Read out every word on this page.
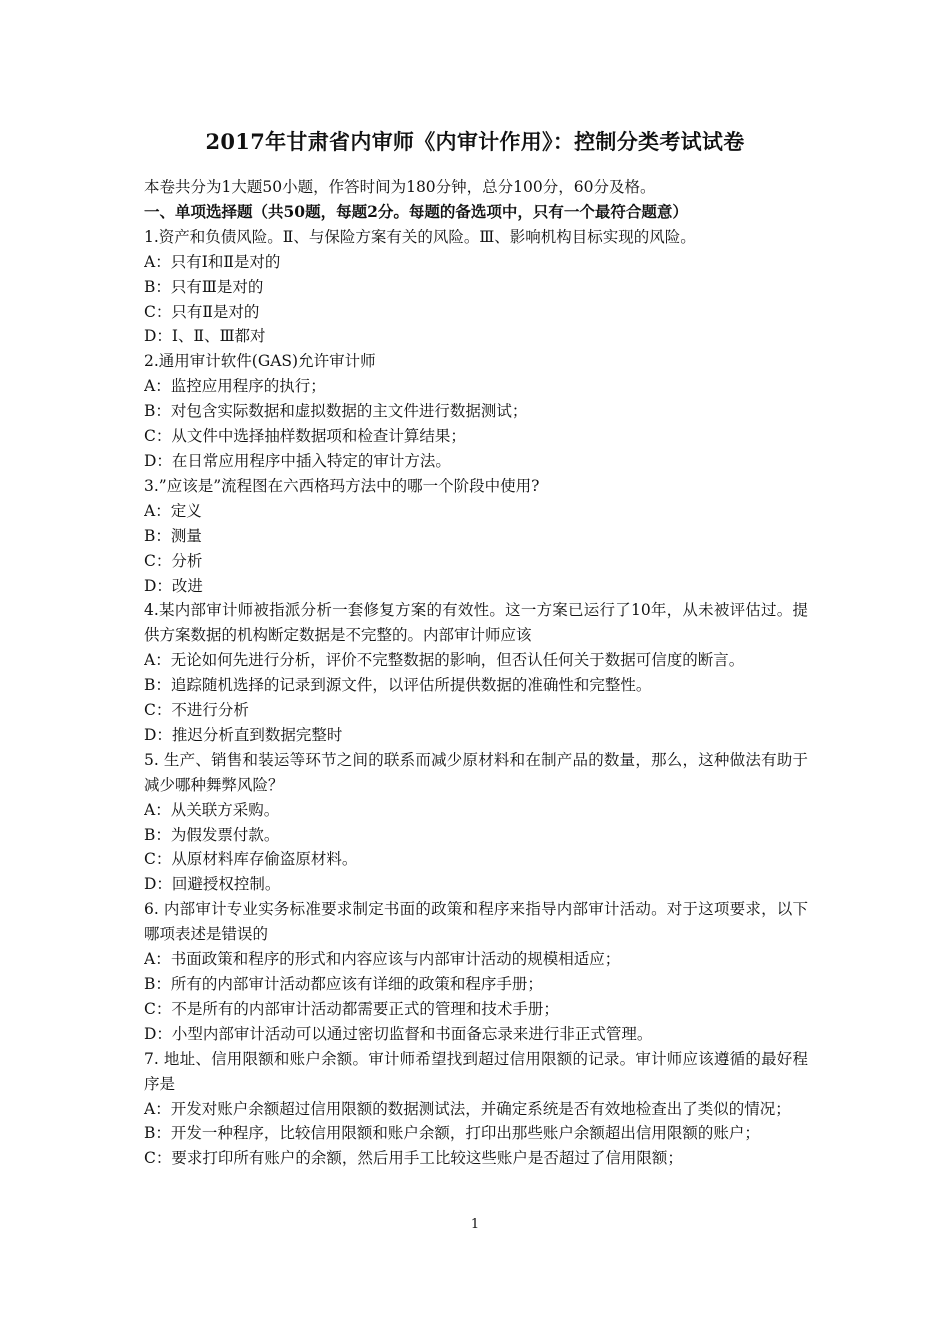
2017年甘肃省内审师《内审计作用》：控制分类考试试卷
本卷共分为1大题50小题，作答时间为180分钟，总分100分，60分及格。
一、单项选择题（共50题，每题2分。每题的备选项中，只有一个最符合题意）
1.资产和负债风险。Ⅱ、与保险方案有关的风险。Ⅲ、影响机构目标实现的风险。
A：只有Ⅰ和Ⅱ是对的
B：只有Ⅲ是对的
C：只有Ⅱ是对的
D：Ⅰ、Ⅱ、Ⅲ都对
2.通用审计软件(GAS)允许审计师
A：监控应用程序的执行；
B：对包含实际数据和虚拟数据的主文件进行数据测试；
C：从文件中选择抽样数据项和检查计算结果；
D：在日常应用程序中插入特定的审计方法。
3.”应该是”流程图在六西格玛方法中的哪一个阶段中使用?
A：定义
B：测量
C：分析
D：改进
4.某内部审计师被指派分析一套修复方案的有效性。这一方案已运行了10年，从未被评估过。提供方案数据的机构断定数据是不完整的。内部审计师应该
A：无论如何先进行分析，评价不完整数据的影响，但否认任何关于数据可信度的断言。
B：追踪随机选择的记录到源文件，以评估所提供数据的准确性和完整性。
C：不进行分析
D：推迟分析直到数据完整时
5. 生产、销售和装运等环节之间的联系而减少原材料和在制产品的数量，那么，这种做法有助于减少哪种舞弊风险？
A：从关联方采购。
B：为假发票付款。
C：从原材料库存偷盗原材料。
D：回避授权控制。
6. 内部审计专业实务标准要求制定书面的政策和程序来指导内部审计活动。对于这项要求，以下哪项表述是错误的
A：书面政策和程序的形式和内容应该与内部审计活动的规模相适应；
B：所有的内部审计活动都应该有详细的政策和程序手册；
C：不是所有的内部审计活动都需要正式的管理和技术手册；
D：小型内部审计活动可以通过密切监督和书面备忘录来进行非正式管理。
7. 地址、信用限额和账户余额。审计师希望找到超过信用限额的记录。审计师应该遵循的最好程序是
A：开发对账户余额超过信用限额的数据测试法，并确定系统是否有效地检查出了类似的情况；
B：开发一种程序，比较信用限额和账户余额，打印出那些账户余额超出信用限额的账户；
C：要求打印所有账户的余额，然后用手工比较这些账户是否超过了信用限额；
1
